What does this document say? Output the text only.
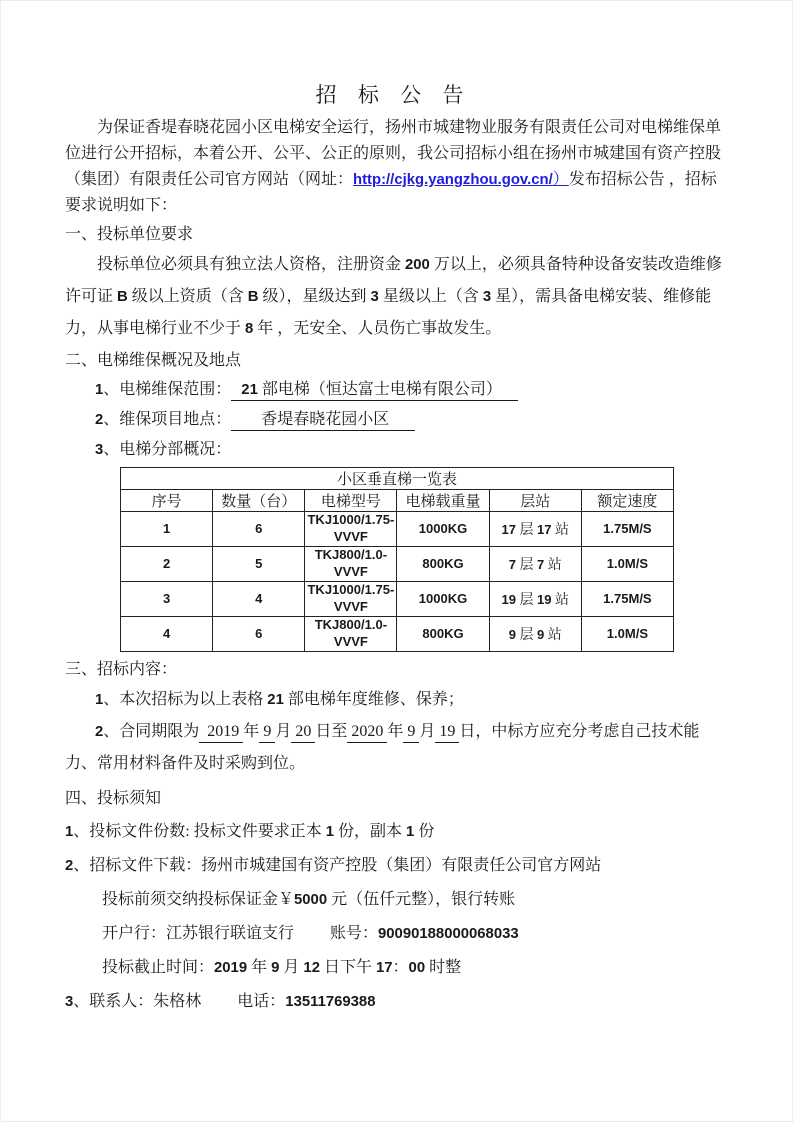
招 标 公 告

为保证香堤春晓花园小区电梯安全运行，扬州市城建物业服务有限责任公司对电梯维保单位进行公开招标，本着公开、公平、公正的原则，我公司招标小组在扬州市城建国有资产控股（集团）有限责任公司官方网站（网址：http://cjkg.yangzhou.gov.cn/）发布招标公告 ，招标要求说明如下：

一、投标单位要求

投标单位必须具有独立法人资格，注册资金 200 万以上，必须具备特种设备安装改造维修许可证 B 级以上资质（含 B 级），星级达到 3 星级以上（含 3 星），需具备电梯安装、维修能力，从事电梯行业不少于 8 年 ，无安全、人员伤亡事故发生。

二、电梯维保概况及地点

1、电梯维保范围： 21 部电梯（恒达富士电梯有限公司）

2、维保项目地点： 香堤春晓花园小区

3、电梯分部概况：

小区垂直梯一览表					
序号	数量（台）	电梯型号	电梯载重量	层站	额定速度
1	6	TKJ1000/1.75-VVVF	1000KG	17 层 17 站	1.75M/S
2	5	TKJ800/1.0-VVVF	800KG	7 层 7 站	1.0M/S
3	4	TKJ1000/1.75-VVVF	1000KG	19 层 19 站	1.75M/S
4	6	TKJ800/1.0-VVVF	800KG	9 层 9 站	1.0M/S

三、招标内容：

1、本次招标为以上表格 21 部电梯年度维修、保养；

2、合同期限为 2019 年 9 月 20 日至 2020 年 9 月 19 日，中标方应充分考虑自己技术能力、常用材料备件及时采购到位。

四、投标须知

1、投标文件份数: 投标文件要求正本 1 份，副本 1 份

2、招标文件下载：扬州市城建国有资产控股（集团）有限责任公司官方网站

投标前须交纳投标保证金￥5000 元（伍仟元整），银行转账

开户行：江苏银行联谊支行　　 账号：90090188000068033

投标截止时间：2019 年 9 月 12 日下午 17：00 时整

3、联系人：朱格林　　 电话：13511769388
